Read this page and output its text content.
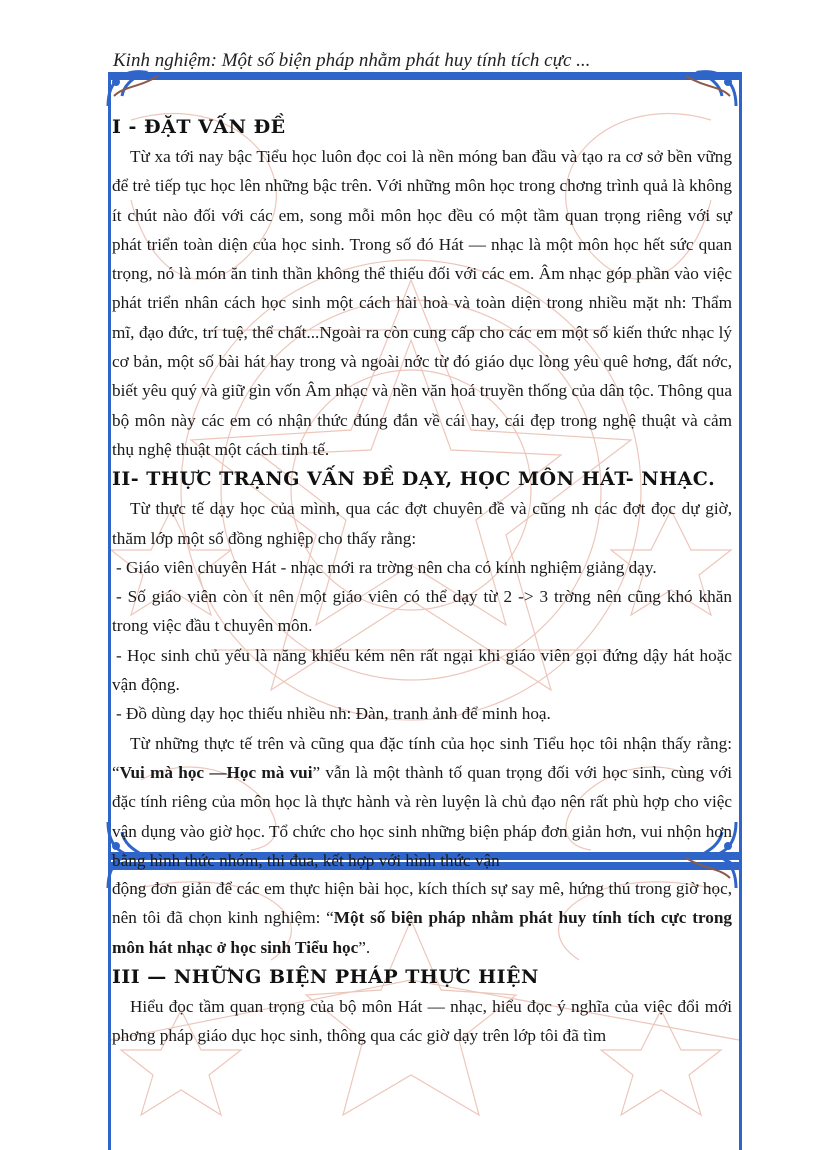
Kinh nghiệm: Một số biện pháp nhằm phát huy tính tích cực ...
I - ĐẶT VẤN ĐỀ

Từ xa tới nay bậc Tiểu học luôn đọc coi là nền móng ban đầu và tạo ra cơ sở bền vững để trẻ tiếp tục học lên những bậc trên. Với những môn học trong chơng trình quả là không ít chút nào đối với các em, song mỗi môn học đều có một tầm quan trọng riêng với sự phát triển toàn diện của học sinh. Trong số đó Hát — nhạc là một môn học hết sức quan trọng, nó là món ăn tinh thần không thể thiếu đối với các em. Âm nhạc góp phần vào việc phát triển nhân cách học sinh một cách hài hoà và toàn diện trong nhiều mặt nh: Thẩm mĩ, đạo đức, trí tuệ, thể chất...Ngoài ra còn cung cấp cho các em một số kiến thức nhạc lý cơ bản, một số bài hát hay trong và ngoài nớc từ đó giáo dục lòng yêu quê hơng, đất nớc, biết yêu quý và giữ gìn vốn Âm nhạc và nền văn hoá truyền thống của dân tộc. Thông qua bộ môn này các em có nhận thức đúng đắn về cái hay, cái đẹp trong nghệ thuật và cảm thụ nghệ thuật một cách tinh tế.

II- THỰC TRẠNG VẤN ĐỀ DẠY, HỌC MÔN HÁT- NHẠC.

Từ thực tế dạy học của mình, qua các đợt chuyên đề và cũng nh các đợt đọc dự giờ, thăm lớp một số đồng nghiệp cho thấy rằng:

- Giáo viên chuyên Hát - nhạc mới ra trờng nên cha có kinh nghiệm giảng dạy.

- Số giáo viên còn ít nên một giáo viên có thể dạy từ 2 -> 3 trờng nên cũng khó khăn trong việc đầu t chuyên môn.

- Học sinh chủ yếu là năng khiếu kém nên rất ngại khi giáo viên gọi đứng dậy hát hoặc vận động.

- Đồ dùng dạy học thiếu nhiều nh: Đàn, tranh ảnh để minh hoạ.

Từ những thực tế trên và cũng qua đặc tính của học sinh Tiểu học tôi nhận thấy rằng: “Vui mà học —Học mà vui” vẫn là một thành tố quan trọng đối với học sinh, cùng với đặc tính riêng của môn học là thực hành và rèn luyện là chủ đạo nên rất phù hợp cho việc vận dụng vào giờ học. Tổ chức cho học sinh những biện pháp đơn giản hơn, vui nhộn hơn bằng hình thức nhóm, thi đua, kết hợp với hình thức vận

động đơn giản để các em thực hiện bài học, kích thích sự say mê, hứng thú trong giờ học, nên tôi đã chọn kinh nghiệm: “Một số biện pháp nhằm phát huy tính tích cực trong môn hát nhạc ở học sinh Tiểu học”.

III — NHỮNG BIỆN PHÁP THỰC HIỆN

Hiểu đọc tầm quan trọng của bộ môn Hát — nhạc, hiểu đọc ý nghĩa của việc đổi mới phơng pháp giáo dục học sinh, thông qua các giờ dạy trên lớp tôi đã tìm
